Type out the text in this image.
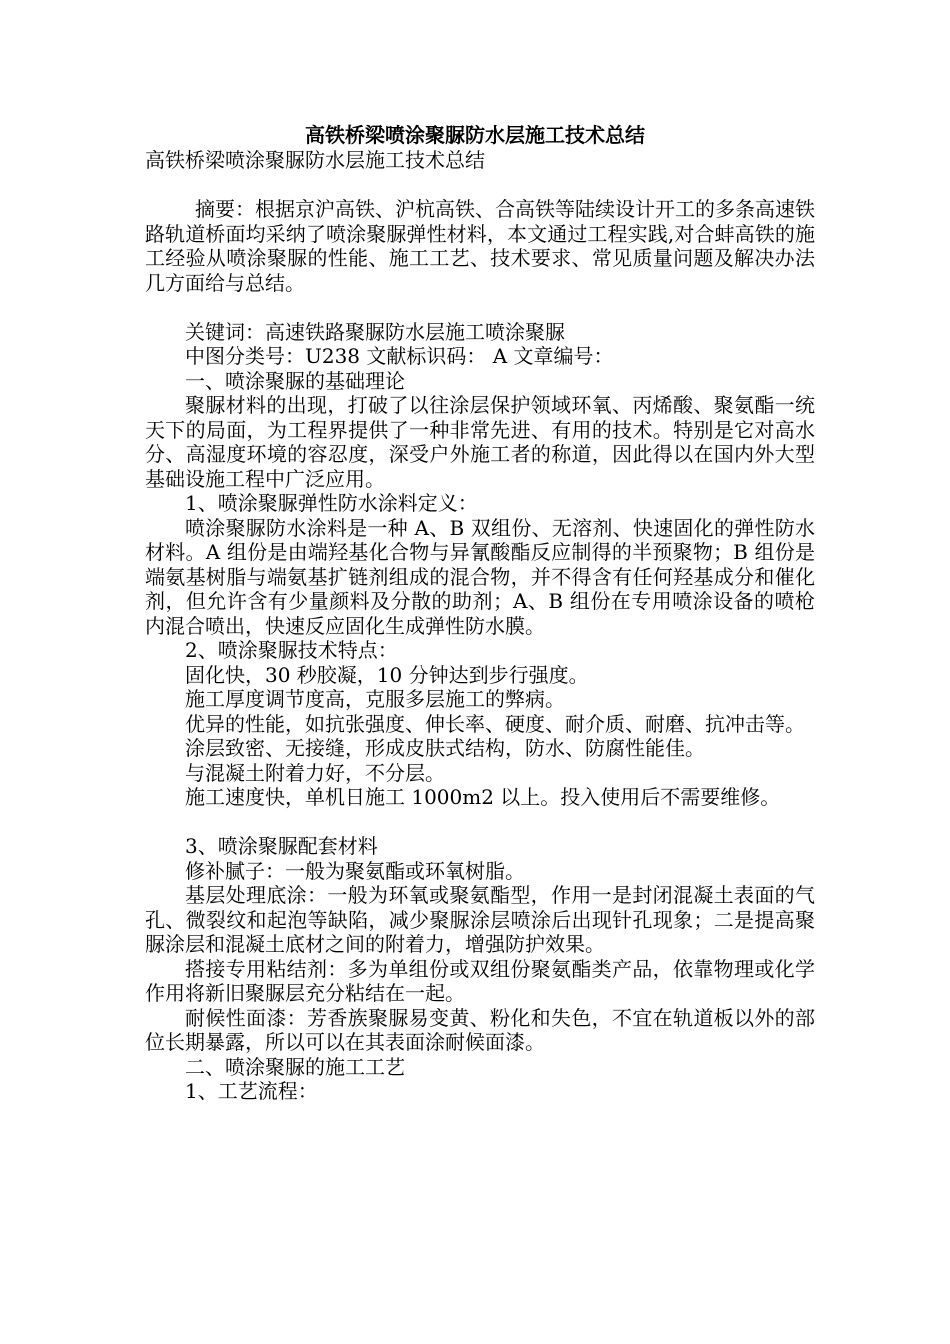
高铁桥梁喷涂聚脲防水层施工技术总结

高铁桥梁喷涂聚脲防水层施工技术总结

摘要：根据京沪高铁、沪杭高铁、合高铁等陆续设计开工的多条高速铁路轨道桥面均采纳了喷涂聚脲弹性材料，本文通过工程实践,对合蚌高铁的施工经验从喷涂聚脲的性能、施工工艺、技术要求、常见质量问题及解决办法几方面给与总结。

关键词：高速铁路聚脲防水层施工喷涂聚脲

中图分类号：U238 文献标识码： A 文章编号：

一、喷涂聚脲的基础理论

聚脲材料的出现，打破了以往涂层保护领域环氧、丙烯酸、聚氨酯一统天下的局面，为工程界提供了一种非常先进、有用的技术。特别是它对高水分、高湿度环境的容忍度，深受户外施工者的称道，因此得以在国内外大型基础设施工程中广泛应用。

1、喷涂聚脲弹性防水涂料定义：

喷涂聚脲防水涂料是一种 A、B 双组份、无溶剂、快速固化的弹性防水材料。A 组份是由端羟基化合物与异氰酸酯反应制得的半预聚物；B 组份是端氨基树脂与端氨基扩链剂组成的混合物，并不得含有任何羟基成分和催化剂，但允许含有少量颜料及分散的助剂；A、B 组份在专用喷涂设备的喷枪内混合喷出，快速反应固化生成弹性防水膜。

2、喷涂聚脲技术特点：

固化快，30 秒胶凝，10 分钟达到步行强度。

施工厚度调节度高，克服多层施工的弊病。

优异的性能，如抗张强度、伸长率、硬度、耐介质、耐磨、抗冲击等。

涂层致密、无接缝，形成皮肤式结构，防水、防腐性能佳。

与混凝土附着力好，不分层。

施工速度快，单机日施工 1000m2 以上。投入使用后不需要维修。

3、喷涂聚脲配套材料

修补腻子：一般为聚氨酯或环氧树脂。

基层处理底涂：一般为环氧或聚氨酯型，作用一是封闭混凝土表面的气孔、微裂纹和起泡等缺陷，减少聚脲涂层喷涂后出现针孔现象；二是提高聚脲涂层和混凝土底材之间的附着力，增强防护效果。

搭接专用粘结剂：多为单组份或双组份聚氨酯类产品，依靠物理或化学作用将新旧聚脲层充分粘结在一起。

耐候性面漆：芳香族聚脲易变黄、粉化和失色，不宜在轨道板以外的部位长期暴露，所以可以在其表面涂耐候面漆。

二、喷涂聚脲的施工工艺

1、工艺流程：
